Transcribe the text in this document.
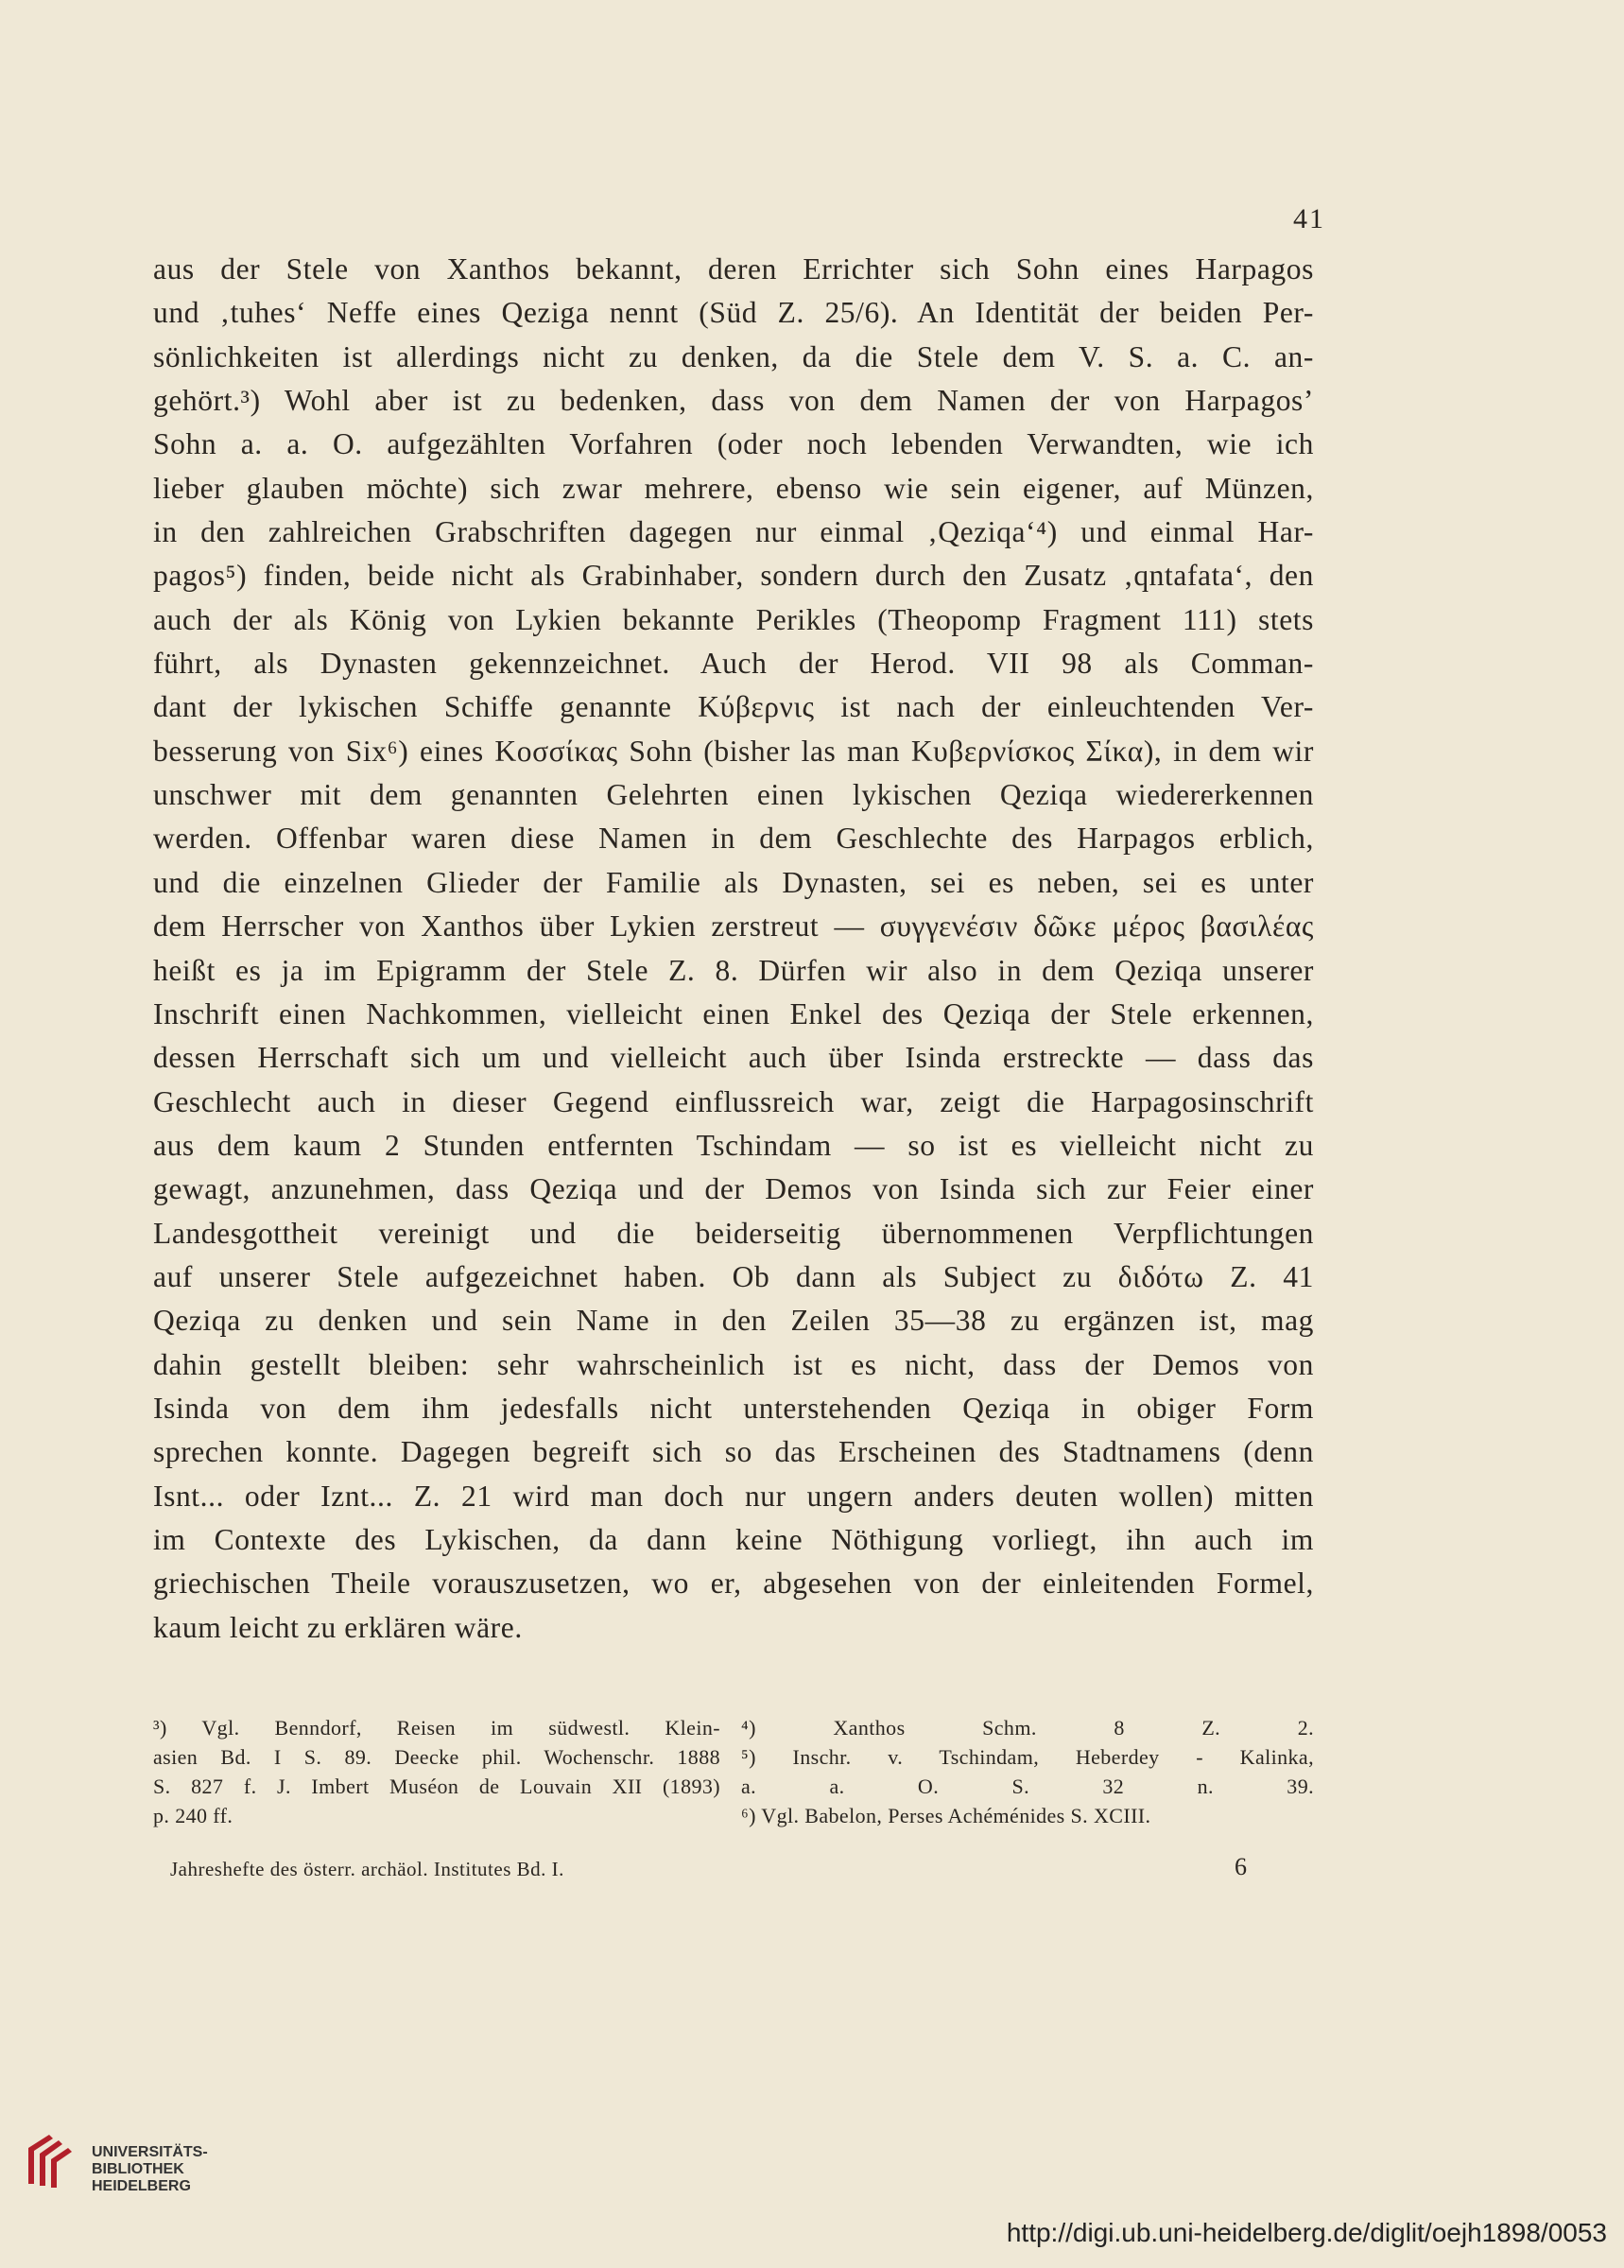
41
aus der Stele von Xanthos bekannt, deren Errichter sich Sohn eines Harpagos
und ‚tuhes‘ Neffe eines Qeziga nennt (Süd Z. 25/6). An Identität der beiden Per-
sönlichkeiten ist allerdings nicht zu denken, da die Stele dem V. S. a. C. an-
gehört.³) Wohl aber ist zu bedenken, dass von dem Namen der von Harpagos’
Sohn a. a. O. aufgezählten Vorfahren (oder noch lebenden Verwandten, wie ich
lieber glauben möchte) sich zwar mehrere, ebenso wie sein eigener, auf Münzen,
in den zahlreichen Grabschriften dagegen nur einmal ‚Qeziqa‘⁴) und einmal Har-
pagos⁵) finden, beide nicht als Grabinhaber, sondern durch den Zusatz ‚qntafata‘, den
auch der als König von Lykien bekannte Perikles (Theopomp Fragment 111) stets
führt, als Dynasten gekennzeichnet. Auch der Herod. VII 98 als Comman-
dant der lykischen Schiffe genannte Κύβερνις ist nach der einleuchtenden Ver-
besserung von Six⁶) eines Κοσσίκας Sohn (bisher las man Κυβερνίσκος Σίκα), in dem wir
unschwer mit dem genannten Gelehrten einen lykischen Qeziqa wiedererkennen
werden. Offenbar waren diese Namen in dem Geschlechte des Harpagos erblich,
und die einzelnen Glieder der Familie als Dynasten, sei es neben, sei es unter
dem Herrscher von Xanthos über Lykien zerstreut — συγγενέσιν δῶκε μέρος βασιλέας
heißt es ja im Epigramm der Stele Z. 8. Dürfen wir also in dem Qeziqa unserer
Inschrift einen Nachkommen, vielleicht einen Enkel des Qeziqa der Stele erkennen,
dessen Herrschaft sich um und vielleicht auch über Isinda erstreckte — dass das
Geschlecht auch in dieser Gegend einflussreich war, zeigt die Harpagosinschrift
aus dem kaum 2 Stunden entfernten Tschindam — so ist es vielleicht nicht zu
gewagt, anzunehmen, dass Qeziqa und der Demos von Isinda sich zur Feier einer
Landesgottheit vereinigt und die beiderseitig übernommenen Verpflichtungen
auf unserer Stele aufgezeichnet haben. Ob dann als Subject zu διδότω Z. 41
Qeziqa zu denken und sein Name in den Zeilen 35—38 zu ergänzen ist, mag
dahin gestellt bleiben: sehr wahrscheinlich ist es nicht, dass der Demos von
Isinda von dem ihm jedesfalls nicht unterstehenden Qeziqa in obiger Form
sprechen konnte. Dagegen begreift sich so das Erscheinen des Stadtnamens (denn
Isnt... oder Iznt... Z. 21 wird man doch nur ungern anders deuten wollen) mitten
im Contexte des Lykischen, da dann keine Nöthigung vorliegt, ihn auch im
griechischen Theile vorauszusetzen, wo er, abgesehen von der einleitenden Formel,
kaum leicht zu erklären wäre.
³) Vgl. Benndorf, Reisen im südwestl. Klein-
asien Bd. I S. 89. Deecke phil. Wochenschr. 1888
S. 827 f. J. Imbert Muséon de Louvain XII (1893)
p. 240 ff.
⁴) Xanthos Schm. 8 Z. 2.
⁵) Inschr. v. Tschindam, Heberdey - Kalinka,
a. a. O. S. 32 n. 39.
⁶) Vgl. Babelon, Perses Achéménides S. XCIII.
Jahreshefte des österr. archäol. Institutes Bd. I.	6
UNIVERSITÄTS-
BIBLIOTHEK
HEIDELBERG
http://digi.ub.uni-heidelberg.de/diglit/oejh1898/0053
